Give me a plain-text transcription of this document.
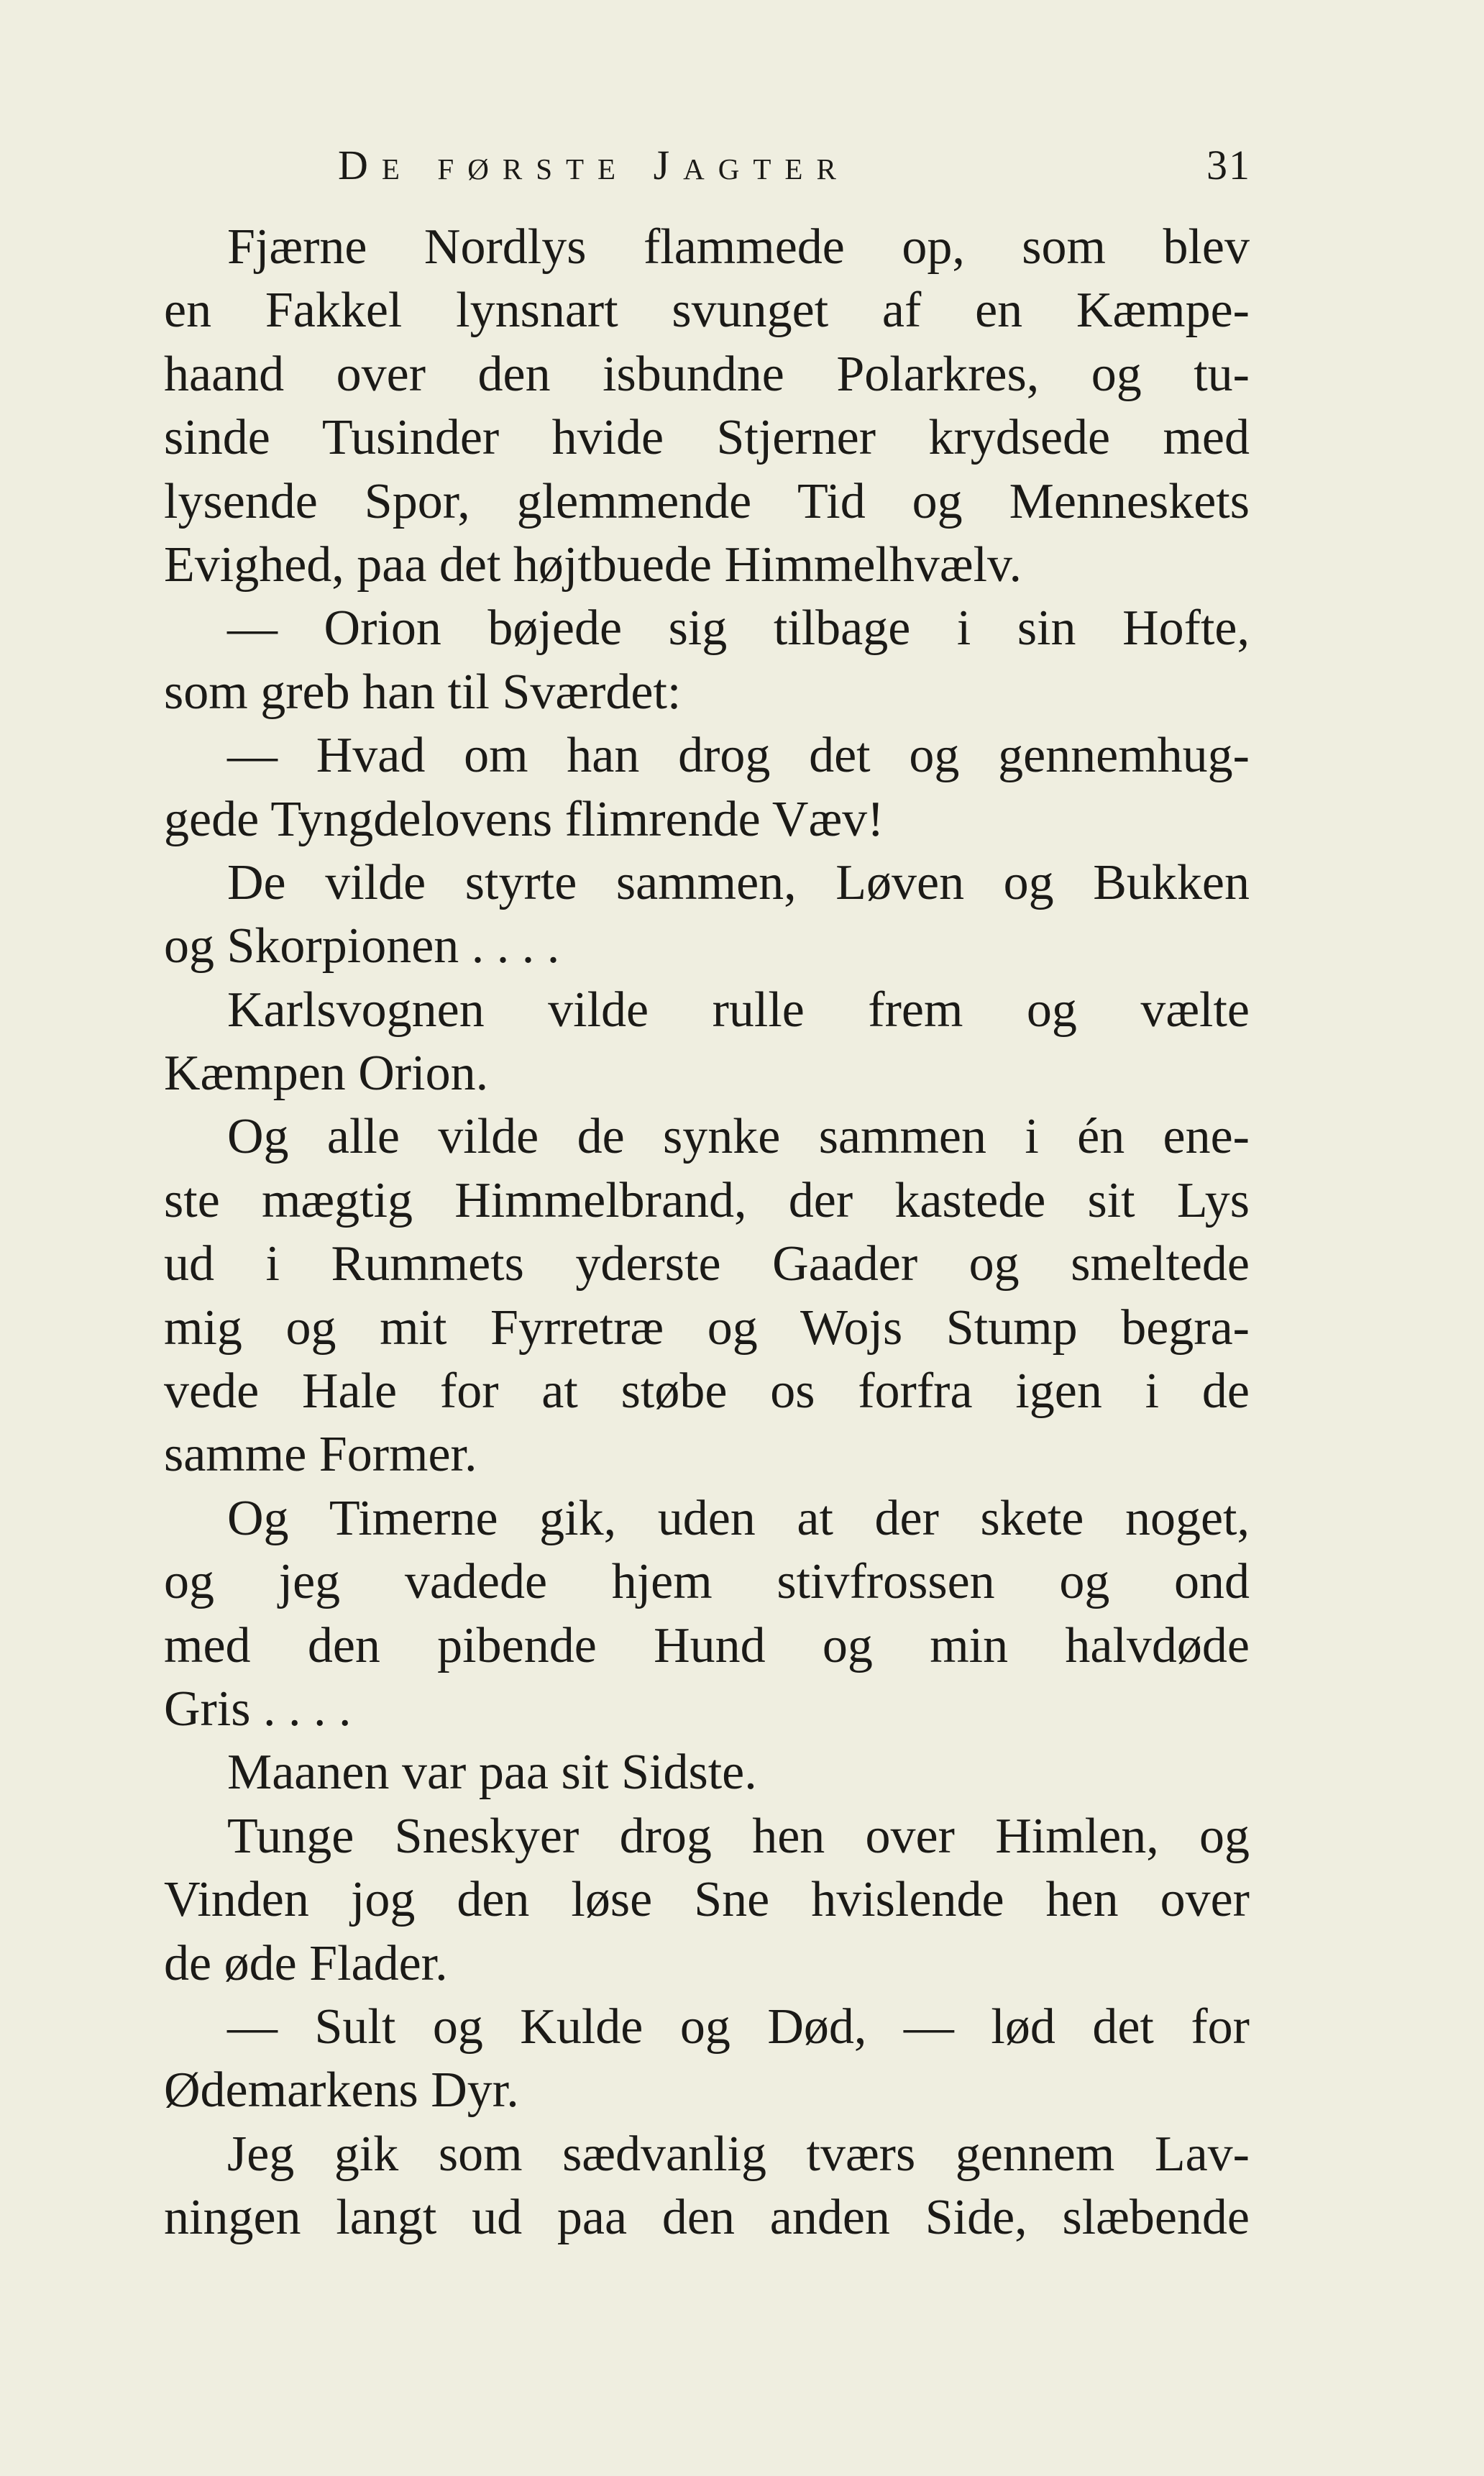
De første Jagter	31
Fjærne Nordlys flammede op, som blev
en Fakkel lynsnart svunget af en Kæmpe-
haand over den isbundne Polarkres, og tu-
sinde Tusinder hvide Stjerner krydsede med
lysende Spor, glemmende Tid og Menneskets
Evighed, paa det højtbuede Himmelhvælv.
— Orion bøjede sig tilbage i sin Hofte,
som greb han til Sværdet:
— Hvad om han drog det og gennemhug-
gede Tyngdelovens flimrende Væv!
De vilde styrte sammen, Løven og Bukken
og Skorpionen . . . .
Karlsvognen vilde rulle frem og vælte
Kæmpen Orion.
Og alle vilde de synke sammen i én ene-
ste mægtig Himmelbrand, der kastede sit Lys
ud i Rummets yderste Gaader og smeltede
mig og mit Fyrretræ og Wojs Stump begra-
vede Hale for at støbe os forfra igen i de
samme Former.
Og Timerne gik, uden at der skete noget,
og jeg vadede hjem stivfrossen og ond
med den pibende Hund og min halvdøde
Gris . . . .
Maanen var paa sit Sidste.
Tunge Sneskyer drog hen over Himlen, og
Vinden jog den løse Sne hvislende hen over
de øde Flader.
— Sult og Kulde og Død, — lød det for
Ødemarkens Dyr.
Jeg gik som sædvanlig tværs gennem Lav-
ningen langt ud paa den anden Side, slæbende
